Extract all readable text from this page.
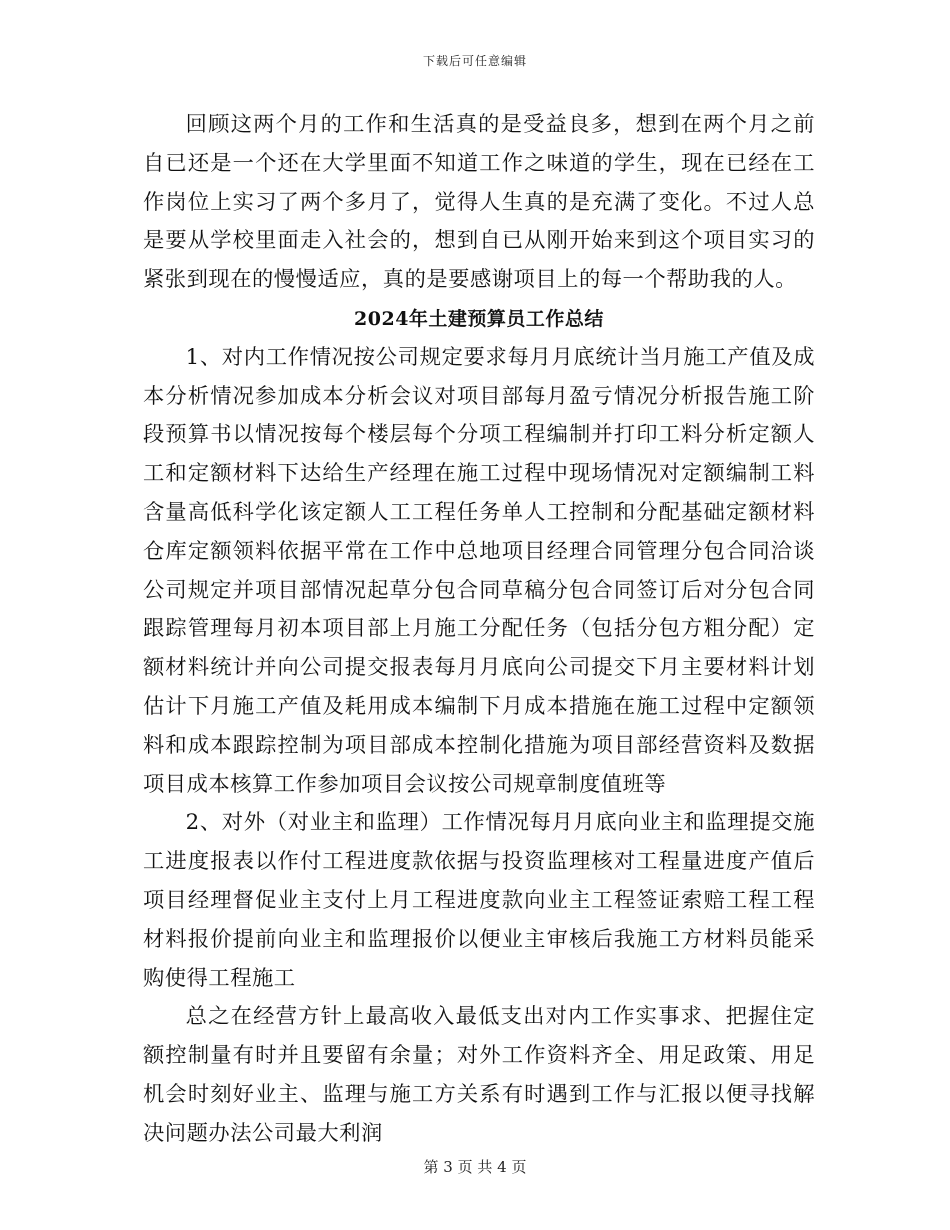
下载后可任意编辑

回顾这两个月的工作和生活真的是受益良多，想到在两个月之前自已还是一个还在大学里面不知道工作之味道的学生，现在已经在工作岗位上实习了两个多月了，觉得人生真的是充满了变化。不过人总是要从学校里面走入社会的，想到自已从刚开始来到这个项目实习的紧张到现在的慢慢适应，真的是要感谢项目上的每一个帮助我的人。

2024年土建预算员工作总结

1、对内工作情况按公司规定要求每月月底统计当月施工产值及成本分析情况参加成本分析会议对项目部每月盈亏情况分析报告施工阶段预算书以情况按每个楼层每个分项工程编制并打印工料分析定额人工和定额材料下达给生产经理在施工过程中现场情况对定额编制工料含量高低科学化该定额人工工程任务单人工控制和分配基础定额材料仓库定额领料依据平常在工作中总地项目经理合同管理分包合同洽谈公司规定并项目部情况起草分包合同草稿分包合同签订后对分包合同跟踪管理每月初本项目部上月施工分配任务（包括分包方粗分配）定额材料统计并向公司提交报表每月月底向公司提交下月主要材料计划估计下月施工产值及耗用成本编制下月成本措施在施工过程中定额领料和成本跟踪控制为项目部成本控制化措施为项目部经营资料及数据项目成本核算工作参加项目会议按公司规章制度值班等

2、对外（对业主和监理）工作情况每月月底向业主和监理提交施工进度报表以作付工程进度款依据与投资监理核对工程量进度产值后项目经理督促业主支付上月工程进度款向业主工程签证索赔工程工程材料报价提前向业主和监理报价以便业主审核后我施工方材料员能采购使得工程施工

总之在经营方针上最高收入最低支出对内工作实事求、把握住定额控制量有时并且要留有余量；对外工作资料齐全、用足政策、用足机会时刻好业主、监理与施工方关系有时遇到工作与汇报以便寻找解决问题办法公司最大利润

第 3 页 共 4 页
